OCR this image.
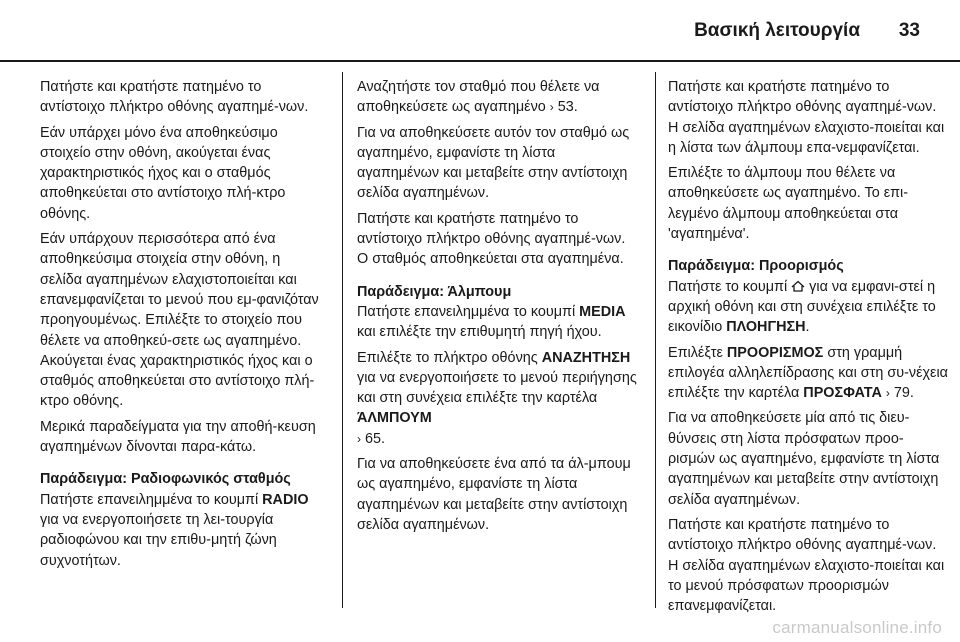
Βασική λειτουργία 33

Πατήστε και κρατήστε πατημένο το αντίστοιχο πλήκτρο οθόνης αγαπημέ-νων.

Εάν υπάρχει μόνο ένα αποθηκεύσιμο στοιχείο στην οθόνη, ακούγεται ένας χαρακτηριστικός ήχος και ο σταθμός αποθηκεύεται στο αντίστοιχο πλή-κτρο οθόνης.

Εάν υπάρχουν περισσότερα από ένα αποθηκεύσιμα στοιχεία στην οθόνη, η σελίδα αγαπημένων ελαχιστοποιείται και επανεμφανίζεται το μενού που εμ-φανιζόταν προηγουμένως. Επιλέξτε το στοιχείο που θέλετε να αποθηκεύ-σετε ως αγαπημένο. Ακούγεται ένας χαρακτηριστικός ήχος και ο σταθμός αποθηκεύεται στο αντίστοιχο πλή-κτρο οθόνης.

Μερικά παραδείγματα για την αποθή-κευση αγαπημένων δίνονται παρα-κάτω.

Παράδειγμα: Ραδιοφωνικός σταθμός

Πατήστε επανειλημμένα το κουμπί RADIO για να ενεργοποιήσετε τη λει-τουργία ραδιοφώνου και την επιθυ-μητή ζώνη συχνοτήτων.

Αναζητήστε τον σταθμό που θέλετε να αποθηκεύσετε ως αγαπημένο › 53.

Για να αποθηκεύσετε αυτόν τον σταθμό ως αγαπημένο, εμφανίστε τη λίστα αγαπημένων και μεταβείτε στην αντίστοιχη σελίδα αγαπημένων.

Πατήστε και κρατήστε πατημένο το αντίστοιχο πλήκτρο οθόνης αγαπημέ-νων. Ο σταθμός αποθηκεύεται στα αγαπημένα.

Παράδειγμα: Άλμπουμ

Πατήστε επανειλημμένα το κουμπί MEDIA και επιλέξτε την επιθυμητή πηγή ήχου.

Επιλέξτε το πλήκτρο οθόνης ΑΝΑΖΗΤΗΣΗ για να ενεργοποιήσετε το μενού περιήγησης και στη συνέχεια επιλέξτε την καρτέλα ΆΛΜΠΟΥΜ
› 65.

Για να αποθηκεύσετε ένα από τα άλ-μπουμ ως αγαπημένο, εμφανίστε τη λίστα αγαπημένων και μεταβείτε στην αντίστοιχη σελίδα αγαπημένων.

Πατήστε και κρατήστε πατημένο το αντίστοιχο πλήκτρο οθόνης αγαπημέ-νων. Η σελίδα αγαπημένων ελαχιστο-ποιείται και η λίστα των άλμπουμ επα-νεμφανίζεται.

Επιλέξτε το άλμπουμ που θέλετε να αποθηκεύσετε ως αγαπημένο. Το επι-λεγμένο άλμπουμ αποθηκεύεται στα 'αγαπημένα'.

Παράδειγμα: Προορισμός

Πατήστε το κουμπί  για να εμφανι-στεί η αρχική οθόνη και στη συνέχεια επιλέξτε το εικονίδιο ΠΛΟΗΓΗΣΗ.

Επιλέξτε ΠΡΟΟΡΙΣΜΟΣ στη γραμμή επιλογέα αλληλεπίδρασης και στη συ-νέχεια επιλέξτε την καρτέλα ΠΡΟΣΦΑΤΑ › 79.

Για να αποθηκεύσετε μία από τις διευ-θύνσεις στη λίστα πρόσφατων προο-ρισμών ως αγαπημένο, εμφανίστε τη λίστα αγαπημένων και μεταβείτε στην αντίστοιχη σελίδα αγαπημένων.

Πατήστε και κρατήστε πατημένο το αντίστοιχο πλήκτρο οθόνης αγαπημέ-νων. Η σελίδα αγαπημένων ελαχιστο-ποιείται και το μενού πρόσφατων προορισμών επανεμφανίζεται.

carmanualsonline.info
